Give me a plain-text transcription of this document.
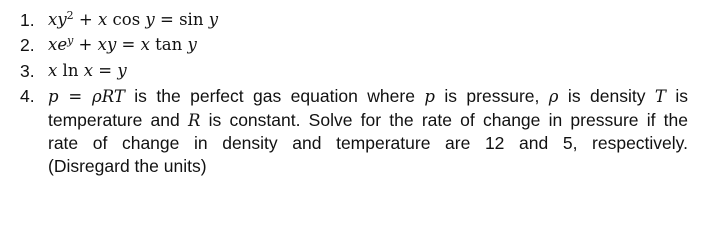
1. $xy^2 + x$ cos y = sin y
2. $xe^y$ + xy = x tan y
3. x ln x = y
4. p = ρRT is the perfect gas equation where p is pressure, ρ is density T is
temperature and R is constant. Solve for the rate of change in pressure if the
rate of change in density and temperature are 12 and 5, respectively.
(Disregard the units)
